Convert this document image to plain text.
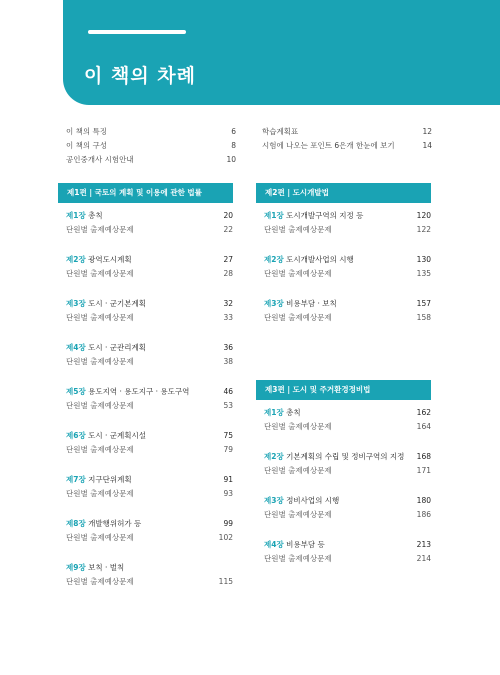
이 책의 차례
이 책의 특징	6
이 책의 구성	8
공인중개사 시험안내	10
학습계획표	12
시험에 나오는 포인트 6은개 한눈에 보기	14
제1편 | 국토의 계획 및 이용에 관한 법률
제1장 총칙	20
단원별 출제예상문제	22
제2장 광역도시계획	27
단원별 출제예상문제	28
제3장 도시 · 군기본계획	32
단원별 출제예상문제	33
제4장 도시 · 군관리계획	36
단원별 출제예상문제	38
제5장 용도지역 · 용도지구 · 용도구역	46
단원별 출제예상문제	53
제6장 도시 · 군계획시설	75
단원별 출제예상문제	79
제7장 지구단위계획	91
단원별 출제예상문제	93
제8장 개발행위허가 등	99
단원별 출제예상문제	102
제9장 보칙 · 벌칙
단원별 출제예상문제	115
제2편 | 도시개발법
제1장 도시개발구역의 지정 등	120
단원별 출제예상문제	122
제2장 도시개발사업의 시행	130
단원별 출제예상문제	135
제3장 비용부담 · 보칙	157
단원별 출제예상문제	158
제3편 | 도시 및 주거환경정비법
제1장 총칙	162
단원별 출제예상문제	164
제2장 기본계획의 수립 및 정비구역의 지정 168
단원별 출제예상문제	171
제3장 정비사업의 시행	180
단원별 출제예상문제	186
제4장 비용부담 등	213
단원별 출제예상문제	214
